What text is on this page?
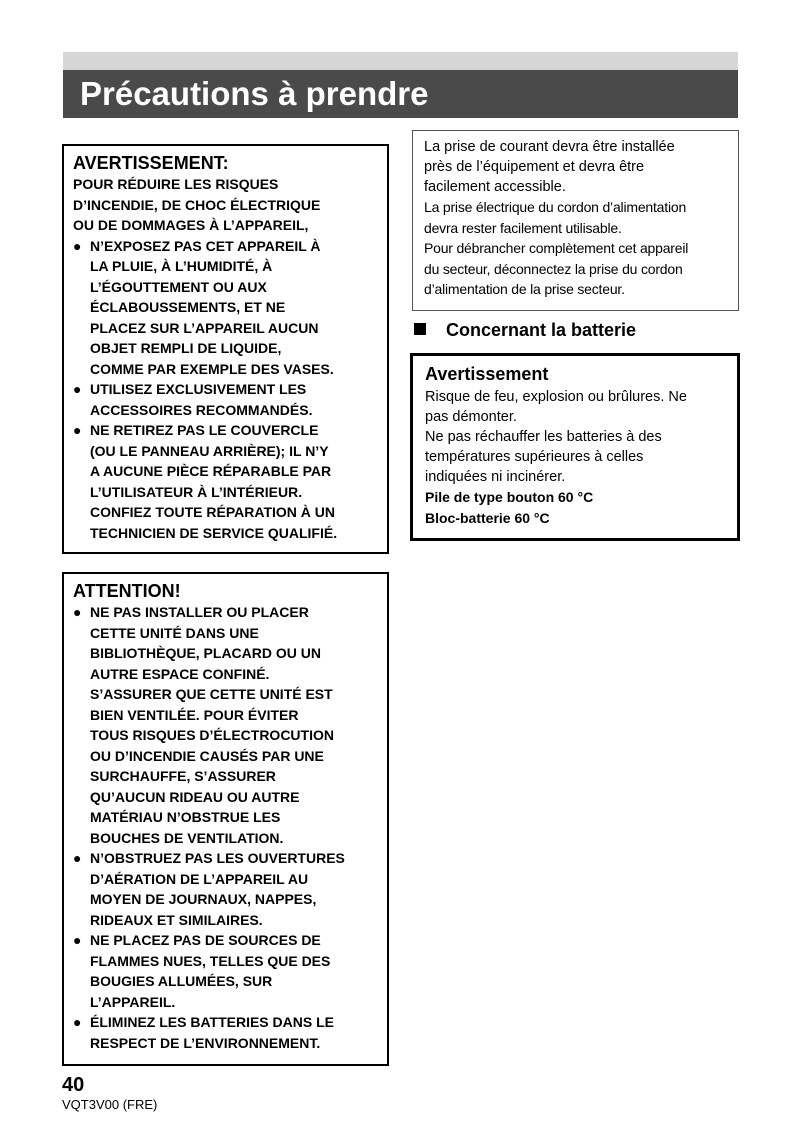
Précautions à prendre
AVERTISSEMENT:
POUR RÉDUIRE LES RISQUES
D’INCENDIE, DE CHOC ÉLECTRIQUE
OU DE DOMMAGES À L’APPAREIL,
● N’EXPOSEZ PAS CET APPAREIL À
LA PLUIE, À L’HUMIDITÉ, À
L’ÉGOUTTEMENT OU AUX
ÉCLABOUSSEMENTS, ET NE
PLACEZ SUR L’APPAREIL AUCUN
OBJET REMPLI DE LIQUIDE,
COMME PAR EXEMPLE DES VASES.
● UTILISEZ EXCLUSIVEMENT LES
ACCESSOIRES RECOMMANDÉS.
● NE RETIREZ PAS LE COUVERCLE
(OU LE PANNEAU ARRIÈRE); IL N’Y
A AUCUNE PIÈCE RÉPARABLE PAR
L’UTILISATEUR À L’INTÉRIEUR.
CONFIEZ TOUTE RÉPARATION À UN
TECHNICIEN DE SERVICE QUALIFIÉ.
ATTENTION!
● NE PAS INSTALLER OU PLACER
CETTE UNITÉ DANS UNE
BIBLIOTHÈQUE, PLACARD OU UN
AUTRE ESPACE CONFINÉ.
S’ASSURER QUE CETTE UNITÉ EST
BIEN VENTILÉE. POUR ÉVITER
TOUS RISQUES D’ÉLECTROCUTION
OU D’INCENDIE CAUSÉS PAR UNE
SURCHAUFFE, S’ASSURER
QU’AUCUN RIDEAU OU AUTRE
MATÉRIAU N’OBSTRUE LES
BOUCHES DE VENTILATION.
● N’OBSTRUEZ PAS LES OUVERTURES
D’AÉRATION DE L’APPAREIL AU
MOYEN DE JOURNAUX, NAPPES,
RIDEAUX ET SIMILAIRES.
● NE PLACEZ PAS DE SOURCES DE
FLAMMES NUES, TELLES QUE DES
BOUGIES ALLUMÉES, SUR
L’APPAREIL.
● ÉLIMINEZ LES BATTERIES DANS LE
RESPECT DE L’ENVIRONNEMENT.
La prise de courant devra être installée
près de l’équipement et devra être
facilement accessible.
La prise électrique du cordon d’alimentation
devra rester facilement utilisable.
Pour débrancher complètement cet appareil
du secteur, déconnectez la prise du cordon
d’alimentation de la prise secteur.
Concernant la batterie
Avertissement
Risque de feu, explosion ou brûlures. Ne
pas démonter.
Ne pas réchauffer les batteries à des
températures supérieures à celles
indiquées ni incinérer.
Pile de type bouton 60 °C
Bloc-batterie 60 °C
40
VQT3V00 (FRE)
